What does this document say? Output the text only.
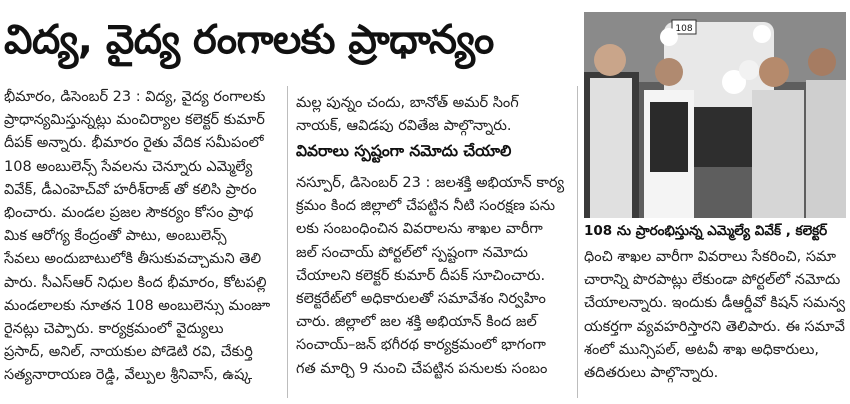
విద్య, వైద్య రంగాలకు ప్రాధాన్యం
భీమారం, డిసెంబర్ 23 : విద్య, వైద్య రంగాలకు
ప్రాధాన్యమిస్తున్నట్లు మంచిర్యాల కలెక్టర్ కుమార్
దీపక్ అన్నారు. భీమారం రైతు వేదిక సమీపంలో
108 అంబులెన్స్ సేవలను చెన్నూరు ఎమ్మెల్యే
వివేక్, డీఎంహెచ్‌వో హరీశ్‌రాజ్ తో కలిసి ప్రారం
భించారు. మండల ప్రజల సౌకర్యం కోసం ప్రాథ
మిక ఆరోగ్య కేంద్రంతో పాటు, అంబులెన్స్
సేవలు అందుబాటులోకి తీసుకువచ్చామని తెలి
పారు. సీఎస్ఆర్ నిధుల కింద భీమారం, కోటపల్లి
మండలాలకు నూతన 108 అంబులెన్సు మంజూ
రైనట్లు చెప్పారు. కార్యక్రమంలో వైద్యులు
ప్రసాద్, అనిల్, నాయకుల పోడెటి రవి, చేకుర్తి
సత్యనారాయణ రెడ్డి, వేల్పుల శ్రీనివాస్, ఉష్క
మల్ల పున్నం చందు, బానోత్ అమర్ సింగ్
నాయక్, ఆవిడపు రవితేజ పాల్గొన్నారు.
వివరాలు స్పష్టంగా నమోదు చేయాలి
నస్పూర్, డిసెంబర్ 23 : జలశక్తి అభియాన్ కార్య
క్రమం కింద జిల్లాలో చేపట్టిన నీటి సంరక్షణ పను
లకు సంబంధించిన వివరాలను శాఖల వారీగా
జల్ సంచాయ్ పోర్టల్‌లో స్పష్టంగా నమోదు
చేయాలని కలెక్టర్ కుమార్ దీపక్ సూచించారు.
కలెక్టరేట్‌లో అధికారులతో సమావేశం నిర్వహిం
చారు. జిల్లాలో జల శక్తి అభియాన్ కింద జల్
సంచాయ్–జన్ భగీరథ కార్యక్రమంలో భాగంగా
గత మార్చి 9 నుంచి చేపట్టిన పనులకు సంబం
108
108 ను ప్రారంభిస్తున్న ఎమ్మెల్యే వివేక్ , కలెక్టర్
ధించి శాఖల వారీగా వివరాలు సేకరించి, సమా
చారాన్ని పొరపాట్లు లేకుండా పోర్టల్‌లో నమోదు
చేయాలన్నారు. ఇందుకు డీఆర్డీవో కిషన్ సమన్వ
యకర్తగా వ్యవహరిస్తారని తెలిపారు. ఈ సమావే
శంలో మున్సిపల్, అటవీ శాఖ అధికారులు,
తదితరులు పాల్గొన్నారు.
